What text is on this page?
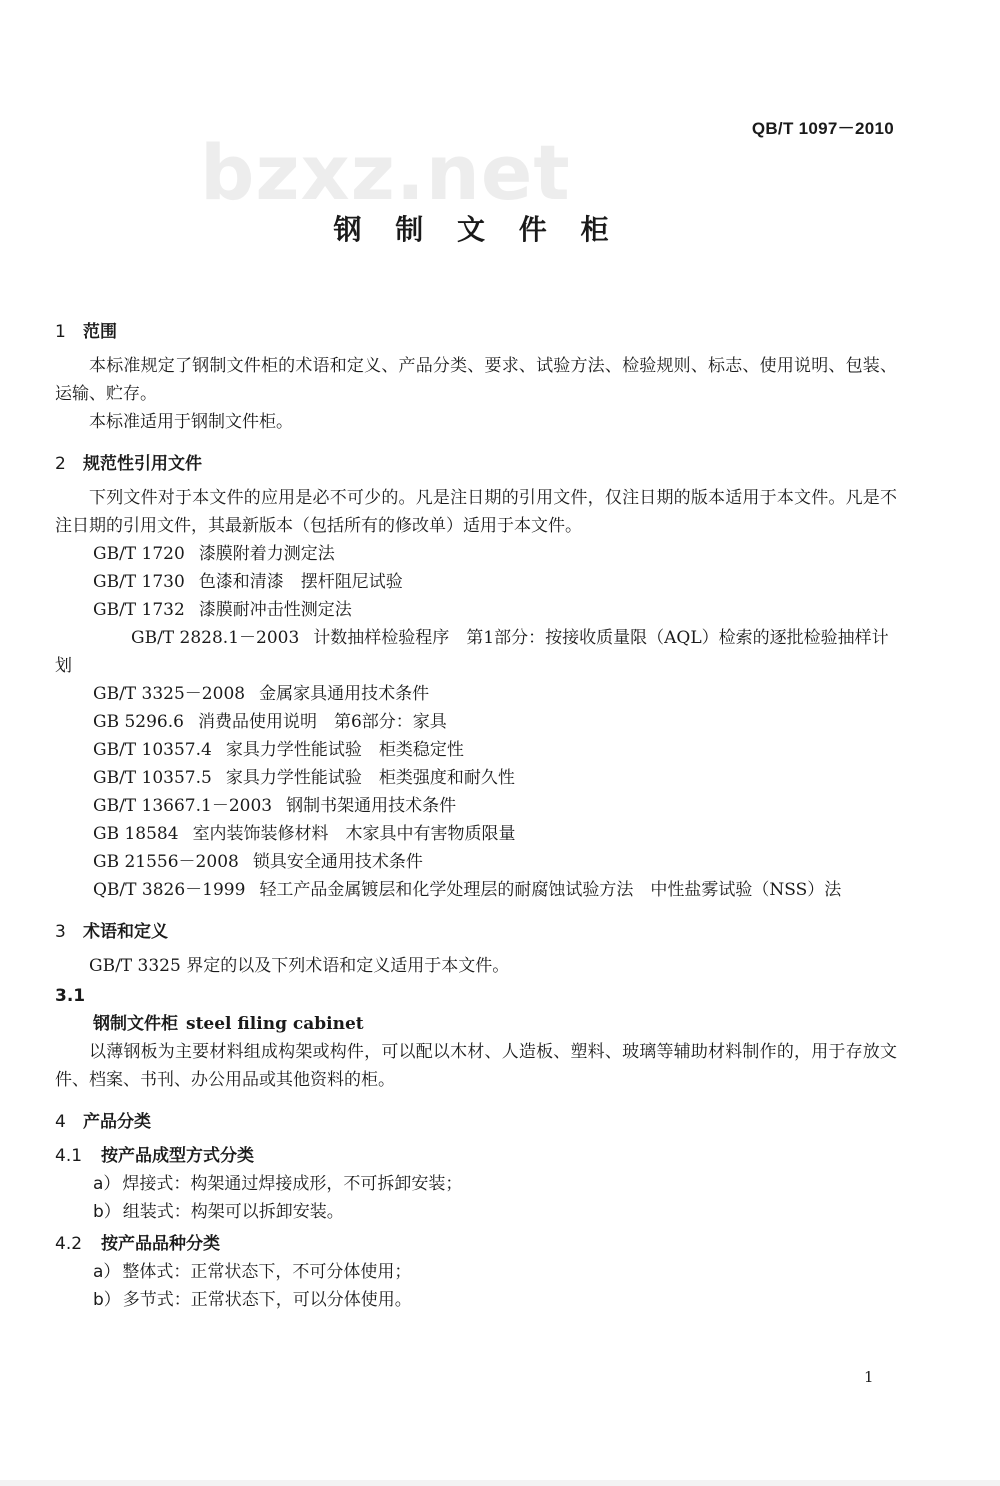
bzxz.net	QB/T 1097－2010
钢 制 文 件 柜
1 范围
本标准规定了钢制文件柜的术语和定义、产品分类、要求、试验方法、检验规则、标志、使用说明、包装、运输、贮存。
本标准适用于钢制文件柜。
2 规范性引用文件
下列文件对于本文件的应用是必不可少的。凡是注日期的引用文件，仅注日期的版本适用于本文件。凡是不注日期的引用文件，其最新版本（包括所有的修改单）适用于本文件。
GB/T 1720 漆膜附着力测定法
GB/T 1730 色漆和清漆　摆杆阻尼试验
GB/T 1732 漆膜耐冲击性测定法
GB/T 2828.1－2003 计数抽样检验程序　第1部分：按接收质量限（AQL）检索的逐批检验抽样计划
GB/T 3325－2008 金属家具通用技术条件
GB 5296.6 消费品使用说明　第6部分：家具
GB/T 10357.4 家具力学性能试验　柜类稳定性
GB/T 10357.5 家具力学性能试验　柜类强度和耐久性
GB/T 13667.1－2003 钢制书架通用技术条件
GB 18584 室内装饰装修材料　木家具中有害物质限量
GB 21556－2008 锁具安全通用技术条件
QB/T 3826－1999 轻工产品金属镀层和化学处理层的耐腐蚀试验方法　中性盐雾试验（NSS）法
3 术语和定义
GB/T 3325 界定的以及下列术语和定义适用于本文件。
3.1
钢制文件柜 steel filing cabinet
以薄钢板为主要材料组成构架或构件，可以配以木材、人造板、塑料、玻璃等辅助材料制作的，用于存放文件、档案、书刊、办公用品或其他资料的柜。
4 产品分类
4.1 按产品成型方式分类
a） 焊接式：构架通过焊接成形，不可拆卸安装；
b） 组装式：构架可以拆卸安装。
4.2 按产品品种分类
a） 整体式：正常状态下，不可分体使用；
b） 多节式：正常状态下，可以分体使用。
1
